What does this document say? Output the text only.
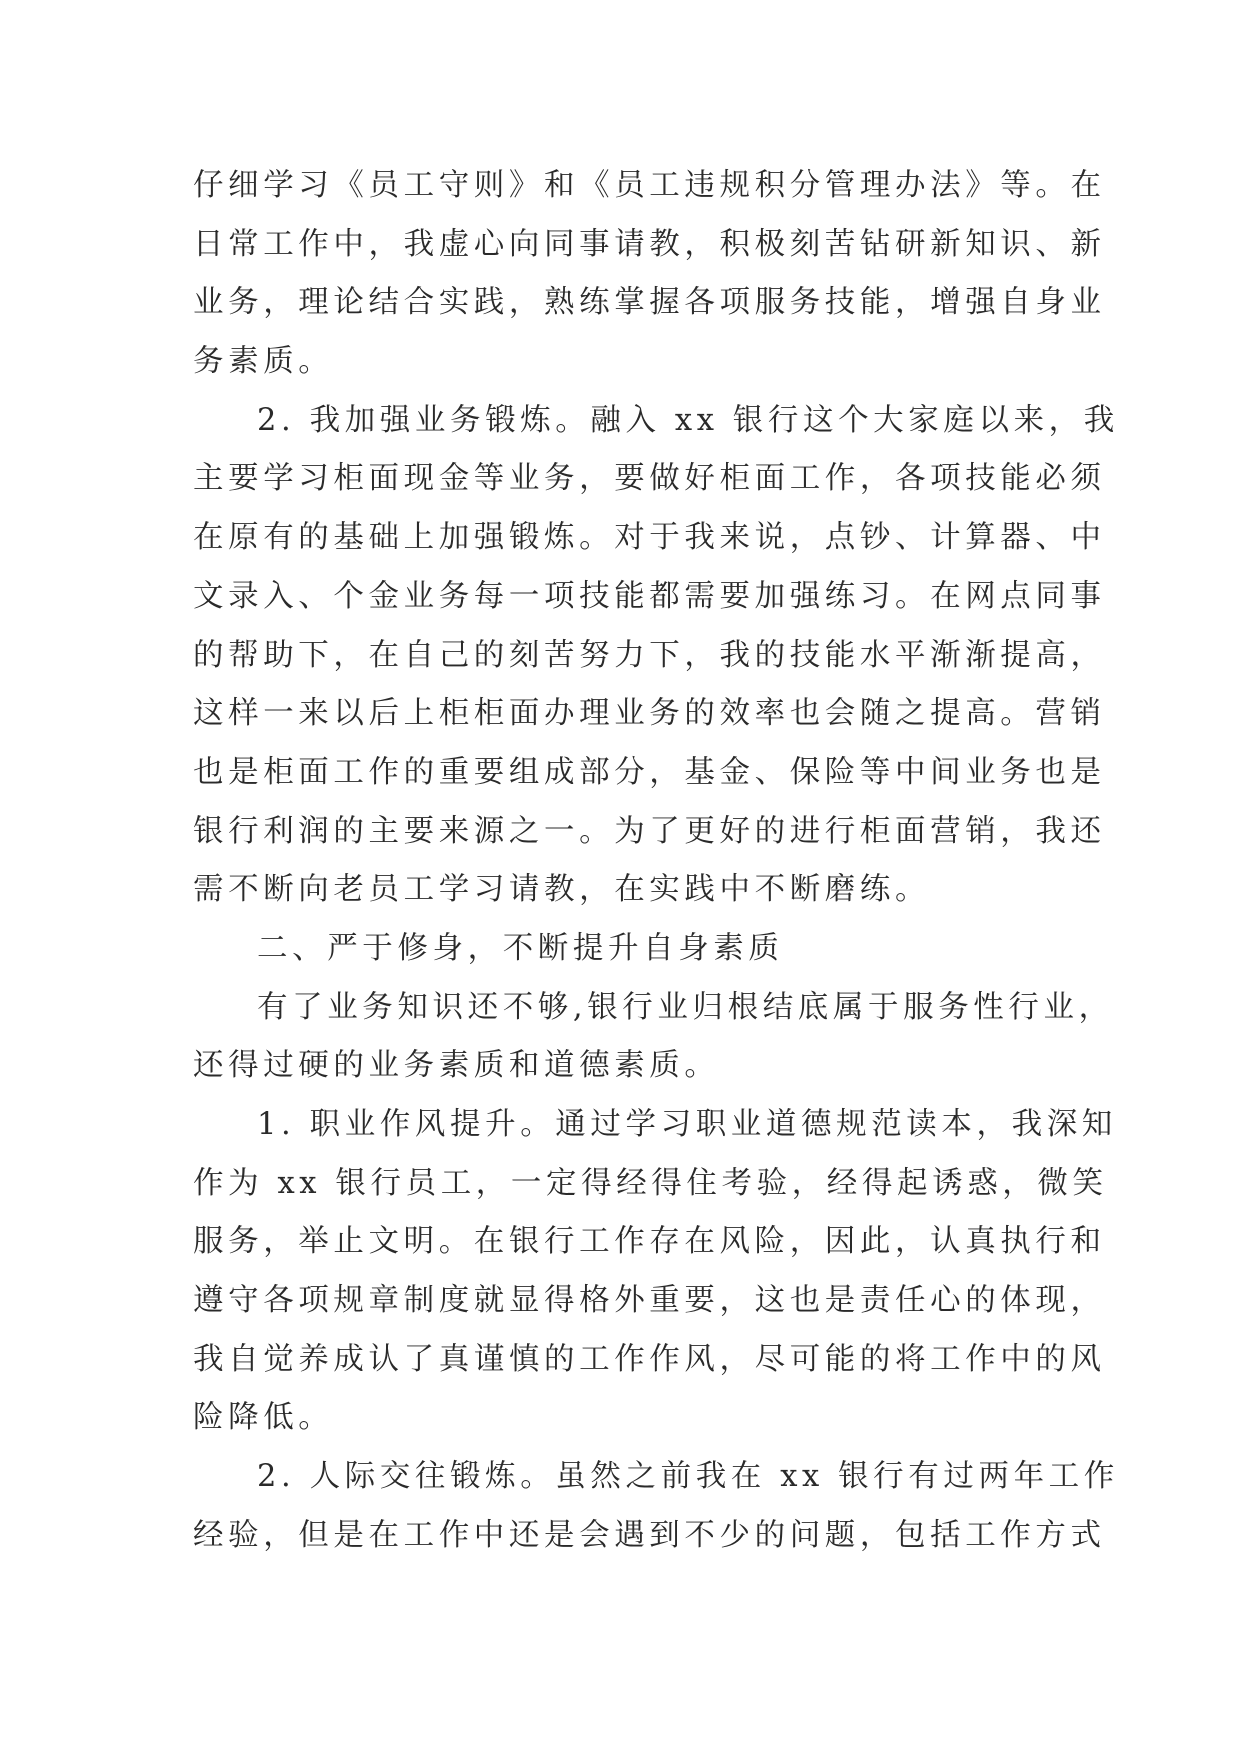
仔细学习《员工守则》和《员工违规积分管理办法》等。在
日常工作中，我虚心向同事请教，积极刻苦钻研新知识、新
业务，理论结合实践，熟练掌握各项服务技能，增强自身业
务素质。
2. 我加强业务锻炼。融入 xx 银行这个大家庭以来，我
主要学习柜面现金等业务，要做好柜面工作，各项技能必须
在原有的基础上加强锻炼。对于我来说，点钞、计算器、中
文录入、个金业务每一项技能都需要加强练习。在网点同事
的帮助下，在自己的刻苦努力下，我的技能水平渐渐提高，
这样一来以后上柜柜面办理业务的效率也会随之提高。营销
也是柜面工作的重要组成部分，基金、保险等中间业务也是
银行利润的主要来源之一。为了更好的进行柜面营销，我还
需不断向老员工学习请教，在实践中不断磨练。
二、严于修身，不断提升自身素质
有了业务知识还不够,银行业归根结底属于服务性行业，
还得过硬的业务素质和道德素质。
1. 职业作风提升。通过学习职业道德规范读本，我深知
作为 xx 银行员工，一定得经得住考验，经得起诱惑，微笑
服务，举止文明。在银行工作存在风险，因此，认真执行和
遵守各项规章制度就显得格外重要，这也是责任心的体现，
我自觉养成认了真谨慎的工作作风，尽可能的将工作中的风
险降低。
2. 人际交往锻炼。虽然之前我在 xx 银行有过两年工作
经验，但是在工作中还是会遇到不少的问题，包括工作方式
